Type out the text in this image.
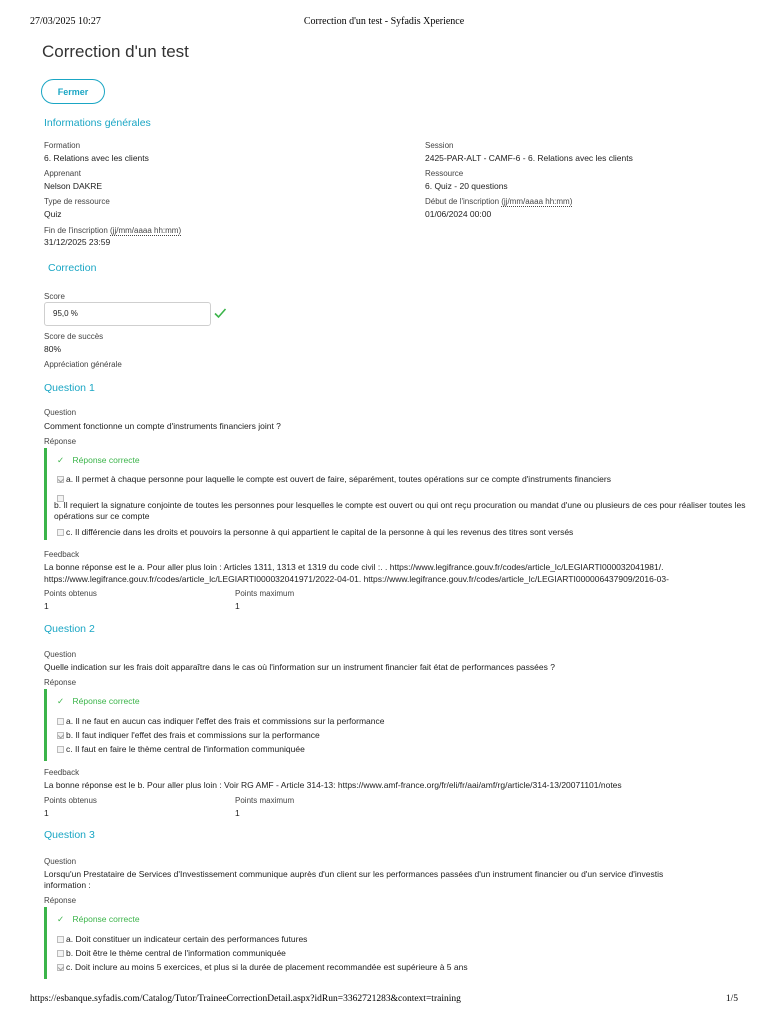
27/03/2025 10:27	Correction d'un test - Syfadis Xperience
Correction d'un test
Fermer
Informations générales
Formation
6. Relations avec les clients
Session
2425-PAR-ALT - CAMF-6 - 6. Relations avec les clients
Apprenant
Nelson DAKRE
Ressource
6. Quiz - 20 questions
Type de ressource
Quiz
Début de l'inscription (jj/mm/aaaa hh:mm)
01/06/2024 00:00
Fin de l'inscription (jj/mm/aaaa hh:mm)
31/12/2025 23:59
Correction
Score
95,0 %
Score de succès
80%
Appréciation générale
Question 1
Question
Comment fonctionne un compte d'instruments financiers joint ?
Réponse
✓ Réponse correcte
a. Il permet à chaque personne pour laquelle le compte est ouvert de faire, séparément, toutes opérations sur ce compte d'instruments financiers
b. Il requiert la signature conjointe de toutes les personnes pour lesquelles le compte est ouvert ou qui ont reçu procuration ou mandat d'une ou plusieurs de ces pour réaliser toutes les opérations sur ce compte
c. Il différencie dans les droits et pouvoirs la personne à qui appartient le capital de la personne à qui les revenus des titres sont versés
Feedback
La bonne réponse est le a. Pour aller plus loin : Articles 1311, 1313 et 1319 du code civil :. . https://www.legifrance.gouv.fr/codes/article_lc/LEGIARTI000032041981/.
https://www.legifrance.gouv.fr/codes/article_lc/LEGIARTI000032041971/2022-04-01. https://www.legifrance.gouv.fr/codes/article_lc/LEGIARTI000006437909/2016-03-
Points obtenus
1
Points maximum
1
Question 2
Question
Quelle indication sur les frais doit apparaître dans le cas où l'information sur un instrument financier fait état de performances passées ?
Réponse
✓ Réponse correcte
a. Il ne faut en aucun cas indiquer l'effet des frais et commissions sur la performance
b. Il faut indiquer l'effet des frais et commissions sur la performance
c. Il faut en faire le thème central de l'information communiquée
Feedback
La bonne réponse est le b. Pour aller plus loin : Voir RG AMF - Article 314-13: https://www.amf-france.org/fr/eli/fr/aai/amf/rg/article/314-13/20071101/notes
Points obtenus
1
Points maximum
1
Question 3
Question
Lorsqu'un Prestataire de Services d'Investissement communique auprès d'un client sur les performances passées d'un instrument financier ou d'un service d'investis
information :
Réponse
✓ Réponse correcte
a. Doit constituer un indicateur certain des performances futures
b. Doit être le thème central de l'information communiquée
c. Doit inclure au moins 5 exercices, et plus si la durée de placement recommandée est supérieure à 5 ans
https://esbanque.syfadis.com/Catalog/Tutor/TraineeCorrectionDetail.aspx?idRun=3362721283&context=training	1/5
